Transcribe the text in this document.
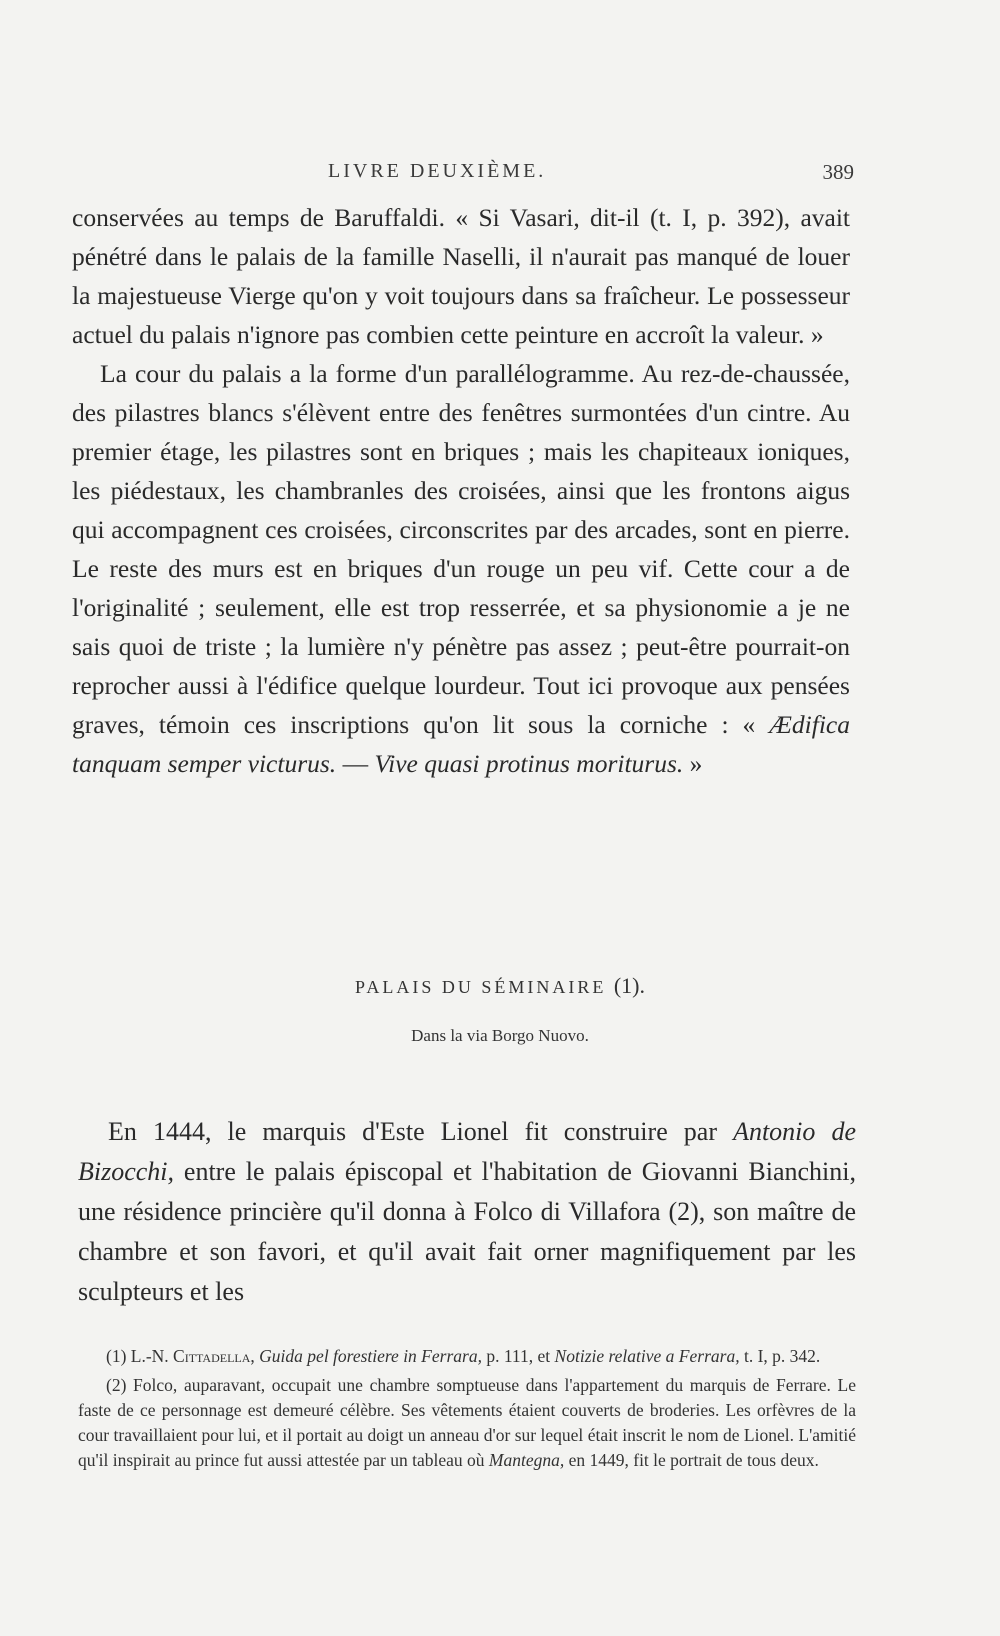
LIVRE DEUXIÈME.	389

conservées au temps de Baruffaldi. « Si Vasari, dit-il (t. I, p. 392), avait pénétré dans le palais de la famille Naselli, il n'aurait pas manqué de louer la majestueuse Vierge qu'on y voit toujours dans sa fraîcheur. Le possesseur actuel du palais n'ignore pas combien cette peinture en accroît la valeur. »

La cour du palais a la forme d'un parallélogramme. Au rez-de-chaussée, des pilastres blancs s'élèvent entre des fenêtres surmontées d'un cintre. Au premier étage, les pilastres sont en briques ; mais les chapiteaux ioniques, les piédestaux, les chambranles des croisées, ainsi que les frontons aigus qui accompagnent ces croisées, circonscrites par des arcades, sont en pierre. Le reste des murs est en briques d'un rouge un peu vif. Cette cour a de l'originalité ; seulement, elle est trop resserrée, et sa physionomie a je ne sais quoi de triste ; la lumière n'y pénètre pas assez ; peut-être pourrait-on reprocher aussi à l'édifice quelque lourdeur. Tout ici provoque aux pensées graves, témoin ces inscriptions qu'on lit sous la corniche : « Ædifica tanquam semper victurus. — Vive quasi protinus moriturus. »

PALAIS DU SÉMINAIRE (1).
Dans la via Borgo Nuovo.

En 1444, le marquis d'Este Lionel fit construire par Antonio de Bizocchi, entre le palais épiscopal et l'habitation de Giovanni Bianchini, une résidence princière qu'il donna à Folco di Villafora (2), son maître de chambre et son favori, et qu'il avait fait orner magnifiquement par les sculpteurs et les

(1) L.-N. Cittadella, Guida pel forestiere in Ferrara, p. 111, et Notizie relative a Ferrara, t. I, p. 342.

(2) Folco, auparavant, occupait une chambre somptueuse dans l'appartement du marquis de Ferrare. Le faste de ce personnage est demeuré célèbre. Ses vêtements étaient couverts de broderies. Les orfèvres de la cour travaillaient pour lui, et il portait au doigt un anneau d'or sur lequel était inscrit le nom de Lionel. L'amitié qu'il inspirait au prince fut aussi attestée par un tableau où Mantegna, en 1449, fit le portrait de tous deux.
